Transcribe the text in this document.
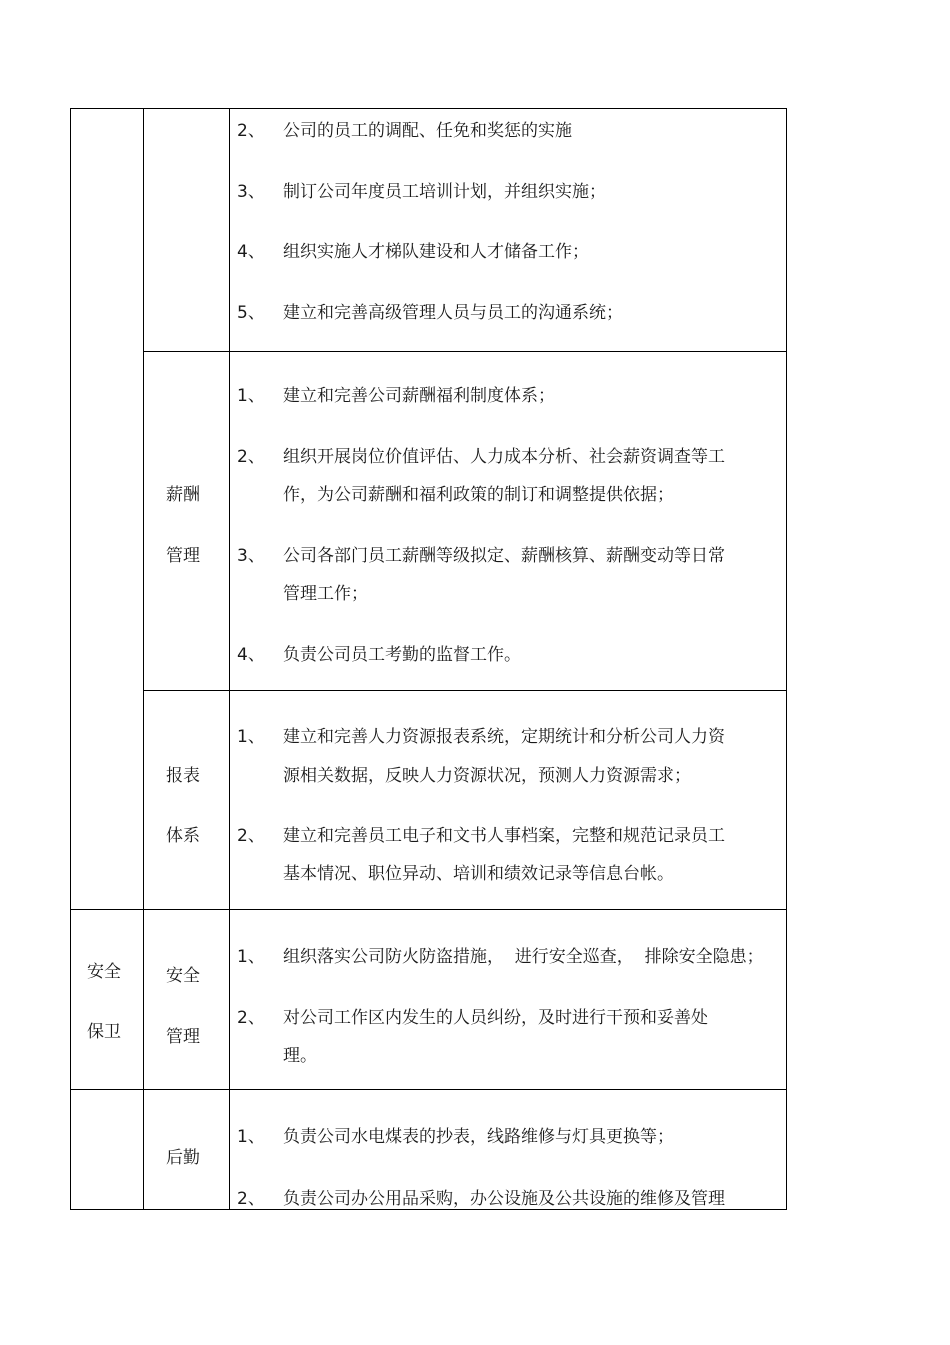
2、 公司的员工的调配、任免和奖惩的实施
3、 制订公司年度员工培训计划，并组织实施；
4、 组织实施人才梯队建设和人才储备工作；
5、 建立和完善高级管理人员与员工的沟通系统；
薪酬
管理
1、 建立和完善公司薪酬福利制度体系；
2、 组织开展岗位价值评估、人力成本分析、社会薪资调查等工
作，为公司薪酬和福利政策的制订和调整提供依据；
3、 公司各部门员工薪酬等级拟定、薪酬核算、薪酬变动等日常
管理工作；
4、 负责公司员工考勤的监督工作。
报表
体系
1、 建立和完善人力资源报表系统，定期统计和分析公司人力资
源相关数据，反映人力资源状况，预测人力资源需求；
2、 建立和完善员工电子和文书人事档案，完整和规范记录员工
基本情况、职位异动、培训和绩效记录等信息台帐。
安全
保卫
安全
管理
1、 组织落实公司防火防盗措施，  进行安全巡查，  排除安全隐患；
2、 对公司工作区内发生的人员纠纷，及时进行干预和妥善处
理。
后勤
1、 负责公司水电煤表的抄表，线路维修与灯具更换等；
2、 负责公司办公用品采购，办公设施及公共设施的维修及管理
